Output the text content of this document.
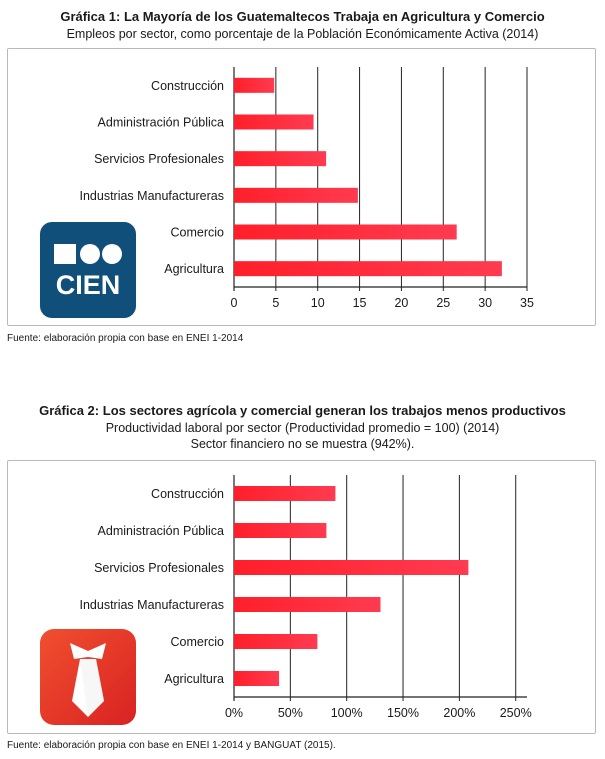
Gráfica 1: La Mayoría de los Guatemaltecos Trabaja en Agricultura y Comercio
Empleos por sector, como porcentaje de la Población Económicamente Activa (2014)
Construcción
Administración Pública
Servicios Profesionales
Industrias Manufactureras
Comercio
Agricultura
0	5	10 15 20 25 30 35
CIEN
Fuente: elaboración propia con base en ENEI 1-2014
Gráfica 2: Los sectores agrícola y comercial generan los trabajos menos productivos
Productividad laboral por sector (Productividad promedio = 100) (2014)
Sector financiero no se muestra (942%).
Construcción
Administración Pública
Servicios Profesionales
Industrias Manufactureras
Comercio
Agricultura
0%	50% 100% 150% 200% 250%
Fuente: elaboración propia con base en ENEI 1-2014 y BANGUAT (2015).
